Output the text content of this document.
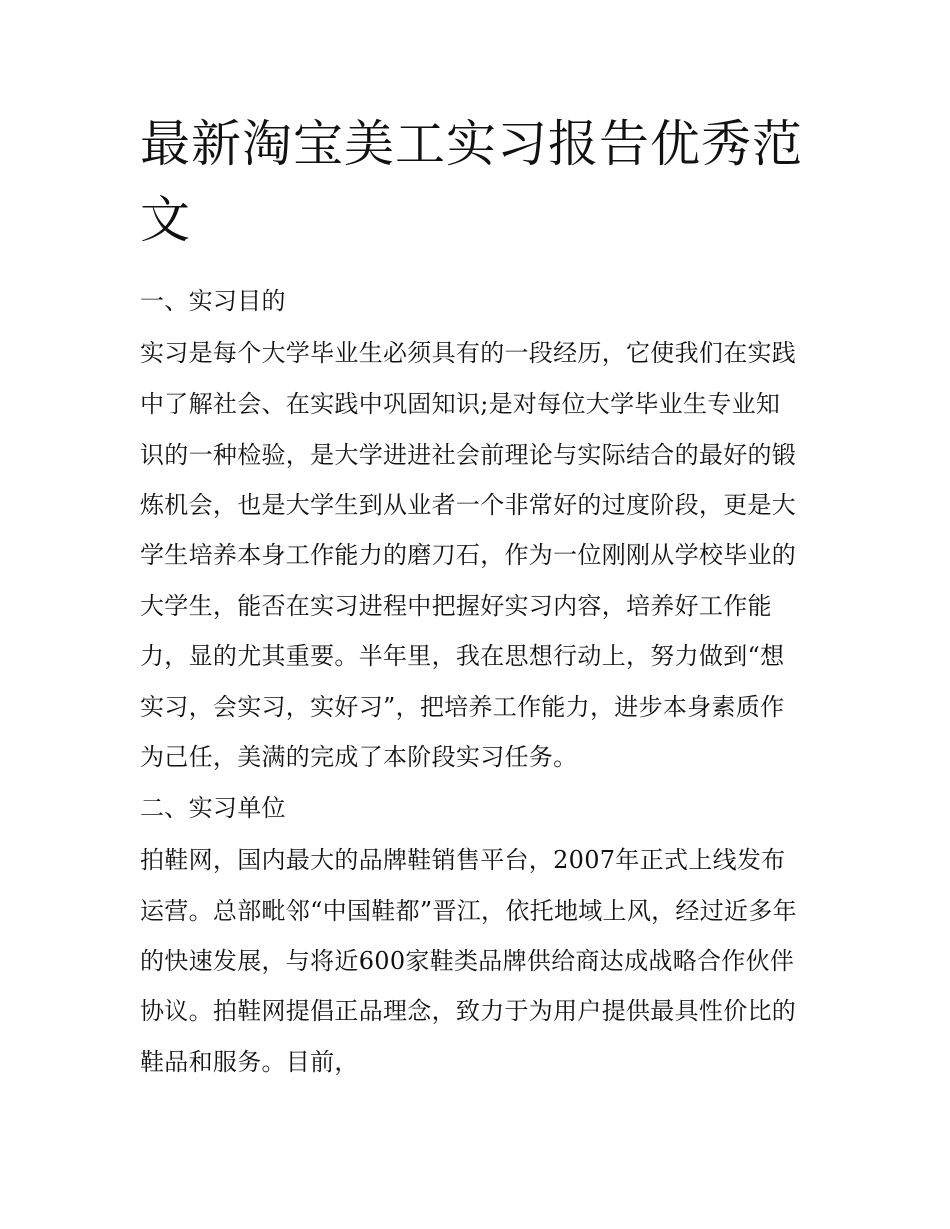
最新淘宝美工实习报告优秀范
文
一、实习目的
实习是每个大学毕业生必须具有的一段经历，它使我们在实践
中了解社会、在实践中巩固知识;是对每位大学毕业生专业知
识的一种检验，是大学进进社会前理论与实际结合的最好的锻
炼机会，也是大学生到从业者一个非常好的过度阶段，更是大
学生培养本身工作能力的磨刀石，作为一位刚刚从学校毕业的
大学生，能否在实习进程中把握好实习内容，培养好工作能
力，显的尤其重要。半年里，我在思想行动上，努力做到“想
实习，会实习，实好习”，把培养工作能力，进步本身素质作
为己任，美满的完成了本阶段实习任务。
二、实习单位
拍鞋网，国内最大的品牌鞋销售平台，2007年正式上线发布
运营。总部毗邻“中国鞋都”晋江，依托地域上风，经过近多年
的快速发展，与将近600家鞋类品牌供给商达成战略合作伙伴
协议。拍鞋网提倡正品理念，致力于为用户提供最具性价比的
鞋品和服务。目前，
